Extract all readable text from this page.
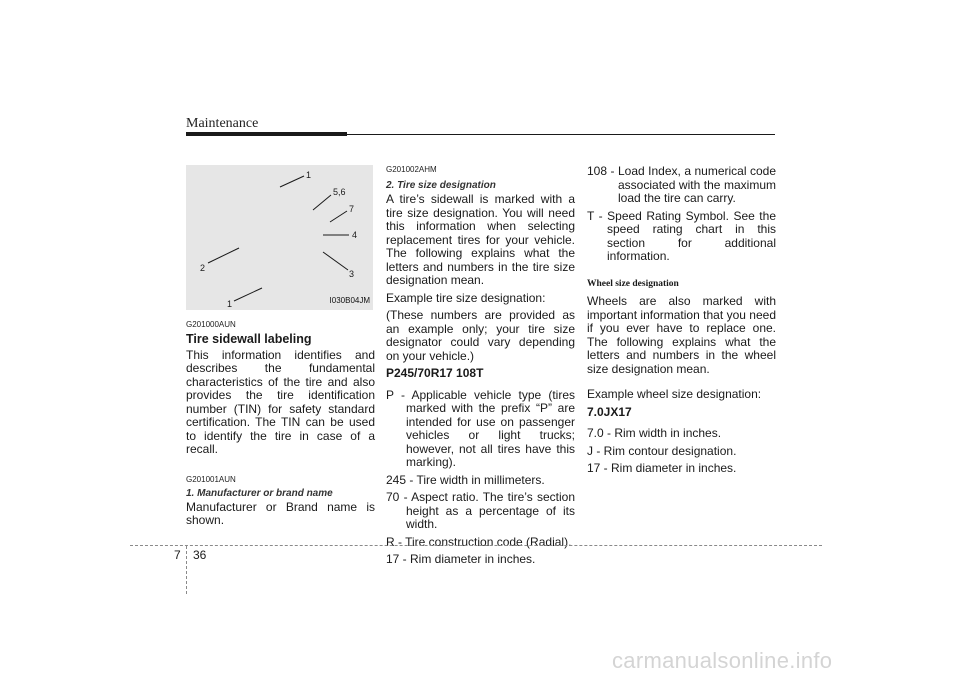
Maintenance
1
5,6
7
4
2
3
1	I030B04JM
G201000AUN
Tire sidewall labeling
This information identifies and describes the fundamental characteristics of the tire and also provides the tire identification number (TIN) for safety standard certification. The TIN can be used to identify the tire in case of a recall.
G201001AUN
1. Manufacturer or brand name
Manufacturer or Brand name is shown.
G201002AHM
2. Tire size designation
A tire’s sidewall is marked with a tire size designation. You will need this information when selecting replacement tires for your vehicle. The following explains what the letters and numbers in the tire size designation mean.
Example tire size designation:
(These numbers are provided as an example only; your tire size designator could vary depending on your vehicle.)
P245/70R17 108T
P - Applicable vehicle type (tires marked with the prefix “P” are intended for use on passenger vehicles or light trucks; however, not all tires have this marking).
245 - Tire width in millimeters.
70 - Aspect ratio. The tire’s section height as a percentage of its width.
R - Tire construction code (Radial).
17 - Rim diameter in inches.
108 - Load Index, a numerical code associated with the maximum load the tire can carry.
T - Speed Rating Symbol. See the speed rating chart in this section for additional information.
Wheel size designation
Wheels are also marked with important information that you need if you ever have to replace one. The following explains what the letters and numbers in the wheel size designation mean.
Example wheel size designation:
7.0JX17
7.0 - Rim width in inches.
J - Rim contour designation.
17 - Rim diameter in inches.
7 36
carmanualsonline.info
